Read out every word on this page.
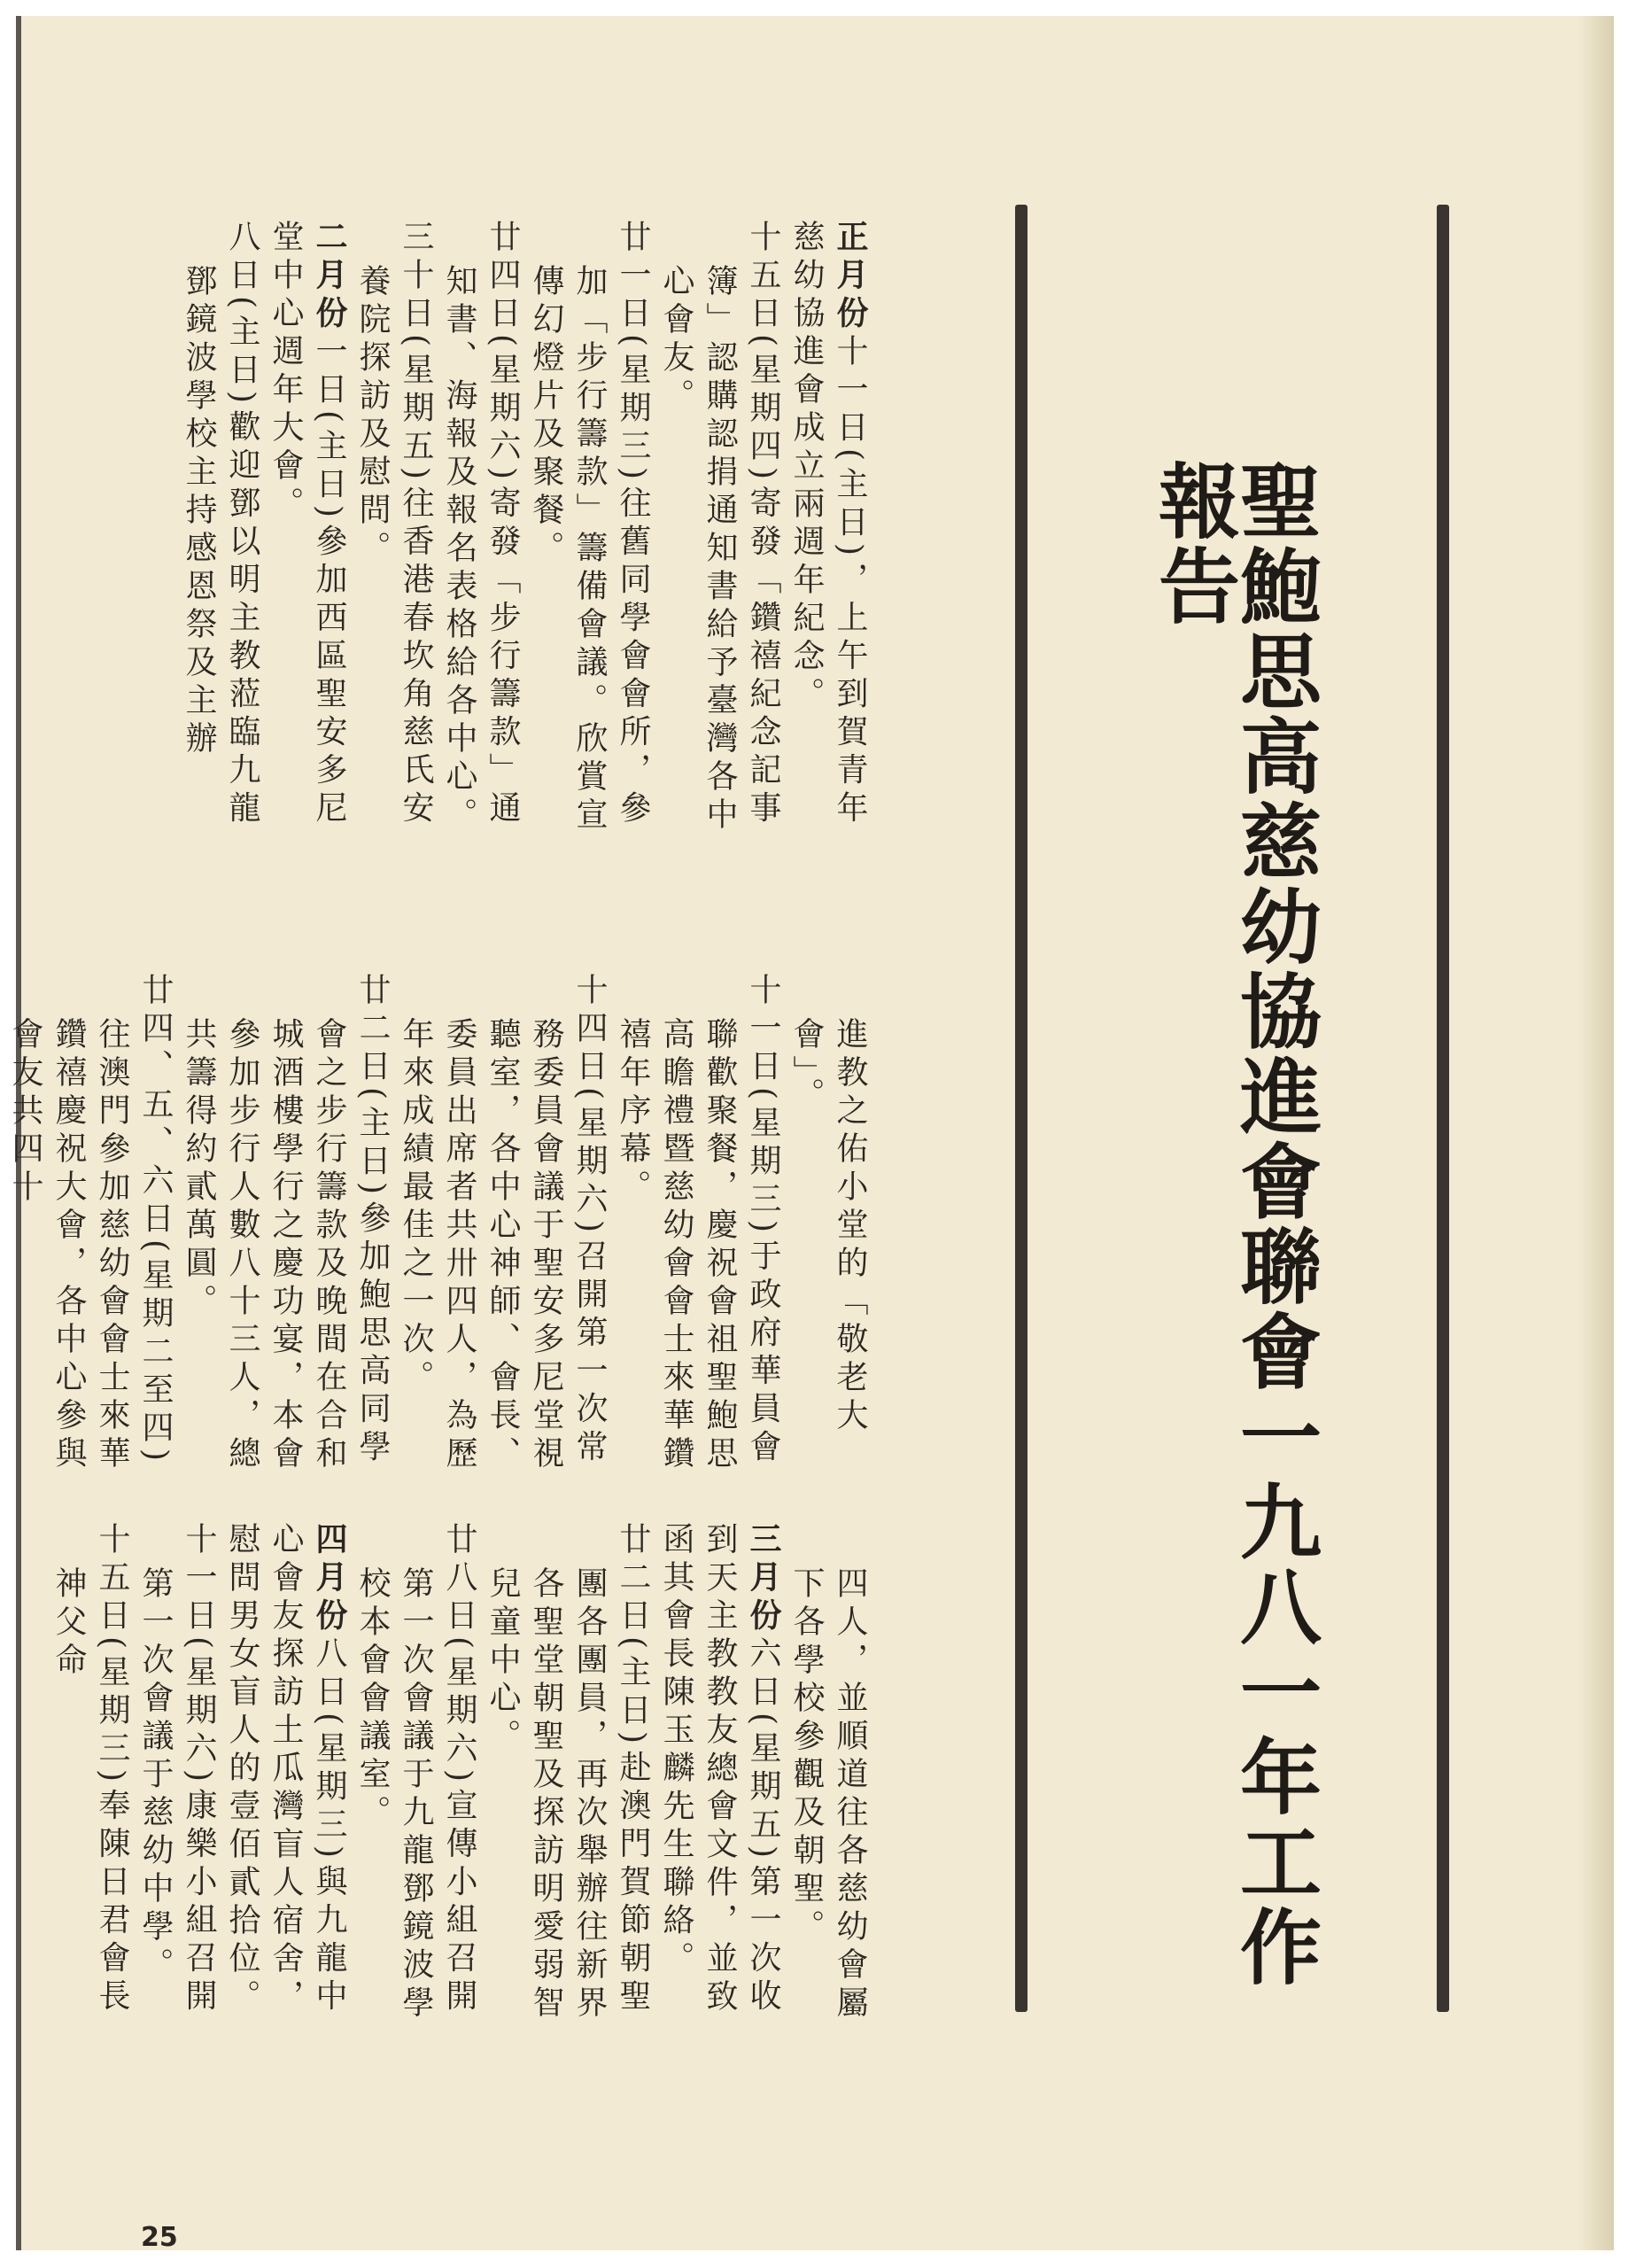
聖鮑思高慈幼協進會聯會一九八一年工作報告

正月份十一日(主日)，上午到賀青年慈幼協進會成立兩週年紀念。

十五日(星期四)寄發「鑽禧紀念記事簿」認購認捐通知書給予臺灣各中心會友。

廿一日(星期三)往舊同學會會所，參加「步行籌款」籌備會議。欣賞宣傳幻燈片及聚餐。

廿四日(星期六)寄發「步行籌款」通知書、海報及報名表格給各中心。

三十日(星期五)往香港春坎角慈氏安養院探訪及慰問。

二月份一日(主日)參加西區聖安多尼堂中心週年大會。

八日(主日)歡迎鄧以明主教蒞臨九龍鄧鏡波學校主持感恩祭及主辦

進教之佑小堂的「敬老大會」。

十一日(星期三)于政府華員會聯歡聚餐，慶祝會祖聖鮑思高瞻禮暨慈幼會會士來華鑽禧年序幕。

十四日(星期六)召開第一次常務委員會議于聖安多尼堂視聽室，各中心神師、會長、委員出席者共卅四人，為歷年來成績最佳之一次。

廿二日(主日)參加鮑思高同學會之步行籌款及晚間在合和城酒樓學行之慶功宴，本會參加步行人數八十三人，總共籌得約貳萬圓。

廿四、五、六日(星期二至四)往澳門參加慈幼會會士來華鑽禧慶祝大會，各中心參與會友共四十

四人，並順道往各慈幼會屬下各學校參觀及朝聖。

三月份六日(星期五)第一次收到天主教教友總會文件，並致函其會長陳玉麟先生聯絡。

廿二日(主日)赴澳門賀節朝聖團各團員，再次舉辦往新界各聖堂朝聖及探訪明愛弱智兒童中心。

廿八日(星期六)宣傳小組召開第一次會議于九龍鄧鏡波學校本會會議室。

四月份八日(星期三)與九龍中心會友探訪土瓜灣盲人宿舍，慰問男女盲人的壹佰貳拾位。

十一日(星期六)康樂小組召開第一次會議于慈幼中學。

十五日(星期三)奉陳日君會長神父命

25
